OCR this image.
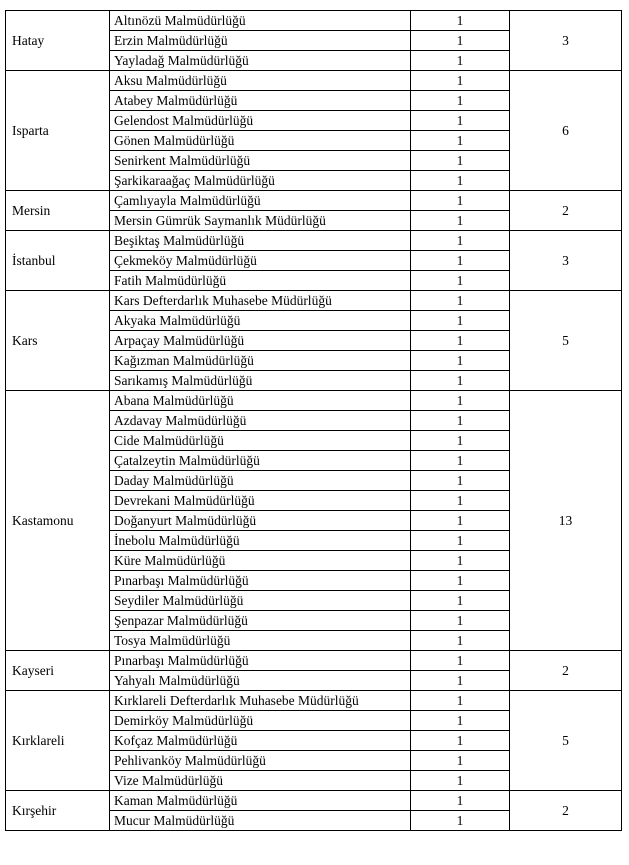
Hatay	Altınözü Malmüdürlüğü	1	3
	Erzin Malmüdürlüğü	1	
	Yayladağ Malmüdürlüğü	1	
Isparta	Aksu Malmüdürlüğü	1	6
	Atabey Malmüdürlüğü	1	
	Gelendost Malmüdürlüğü	1	
	Gönen Malmüdürlüğü	1	
	Senirkent Malmüdürlüğü	1	
	Şarkikaraağaç Malmüdürlüğü	1	
Mersin	Çamlıyayla Malmüdürlüğü	1	2
	Mersin Gümrük Saymanlık Müdürlüğü	1	
İstanbul	Beşiktaş Malmüdürlüğü	1	3
	Çekmeköy Malmüdürlüğü	1	
	Fatih Malmüdürlüğü	1	
Kars	Kars Defterdarlık Muhasebe Müdürlüğü	1	5
	Akyaka Malmüdürlüğü	1	
	Arpaçay Malmüdürlüğü	1	
	Kağızman Malmüdürlüğü	1	
	Sarıkamış Malmüdürlüğü	1	
Kastamonu	Abana Malmüdürlüğü	1	13
	Azdavay Malmüdürlüğü	1	
	Cide Malmüdürlüğü	1	
	Çatalzeytin Malmüdürlüğü	1	
	Daday Malmüdürlüğü	1	
	Devrekani Malmüdürlüğü	1	
	Doğanyurt Malmüdürlüğü	1	
	İnebolu Malmüdürlüğü	1	
	Küre Malmüdürlüğü	1	
	Pınarbaşı Malmüdürlüğü	1	
	Seydiler Malmüdürlüğü	1	
	Şenpazar Malmüdürlüğü	1	
	Tosya Malmüdürlüğü	1	
Kayseri	Pınarbaşı Malmüdürlüğü	1	2
	Yahyalı Malmüdürlüğü	1	
Kırklareli	Kırklareli Defterdarlık Muhasebe Müdürlüğü	1	5
	Demirköy Malmüdürlüğü	1	
	Kofçaz Malmüdürlüğü	1	
	Pehlivanköy Malmüdürlüğü	1	
	Vize Malmüdürlüğü	1	
Kırşehir	Kaman Malmüdürlüğü	1	2
	Mucur Malmüdürlüğü	1	
